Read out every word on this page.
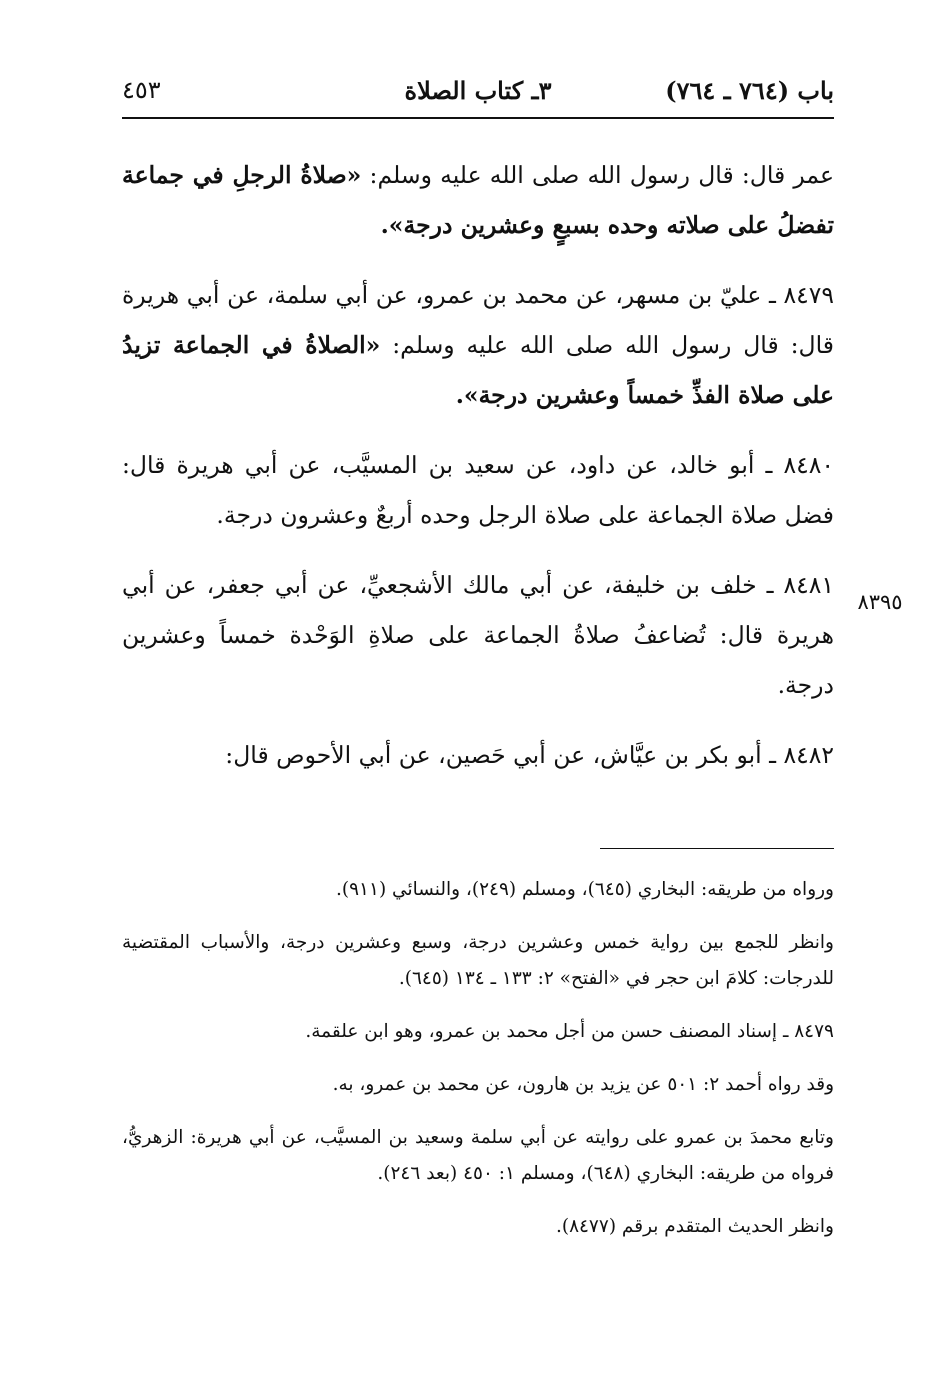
باب (٧٦٤ ـ ٧٦٤)
٣ـ كتاب الصلاة
٤٥٣
٨٣٩٥

عمر قال: قال رسول الله صلى الله عليه وسلم: «صلاةُ الرجلِ في جماعة تفضلُ على صلاته وحده بسبعٍ وعشرين درجة».

٨٤٧٩ ـ عليّ بن مسهر، عن محمد بن عمرو، عن أبي سلمة، عن أبي هريرة قال: قال رسول الله صلى الله عليه وسلم: «الصلاةُ في الجماعة تزيدُ على صلاة الفذِّ خمساً وعشرين درجة».

٨٤٨٠ ـ أبو خالد، عن داود، عن سعيد بن المسيَّب، عن أبي هريرة قال: فضل صلاة الجماعة على صلاة الرجل وحده أربعٌ وعشرون درجة.

٨٤٨١ ـ خلف بن خليفة، عن أبي مالك الأشجعيِّ، عن أبي جعفر، عن أبي هريرة قال: تُضاعفُ صلاةُ الجماعة على صلاةِ الوَحْدة خمساً وعشرين درجة.

٨٤٨٢ ـ أبو بكر بن عيَّاش، عن أبي حَصين، عن أبي الأحوص قال:

ورواه من طريقه: البخاري (٦٤٥)، ومسلم (٢٤٩)، والنسائي (٩١١).

وانظر للجمع بين رواية خمس وعشرين درجة، وسبع وعشرين درجة، والأسباب المقتضية للدرجات: كلامَ ابن حجر في «الفتح» ٢: ١٣٣ ـ ١٣٤ (٦٤٥).

٨٤٧٩ ـ إسناد المصنف حسن من أجل محمد بن عمرو، وهو ابن علقمة.

وقد رواه أحمد ٢: ٥٠١ عن يزيد بن هارون، عن محمد بن عمرو، به.

وتابع محمدَ بن عمرو على روايته عن أبي سلمة وسعيد بن المسيَّب، عن أبي هريرة: الزهريُّ، فرواه من طريقه: البخاري (٦٤٨)، ومسلم ١: ٤٥٠ (بعد ٢٤٦).

وانظر الحديث المتقدم برقم (٨٤٧٧).
